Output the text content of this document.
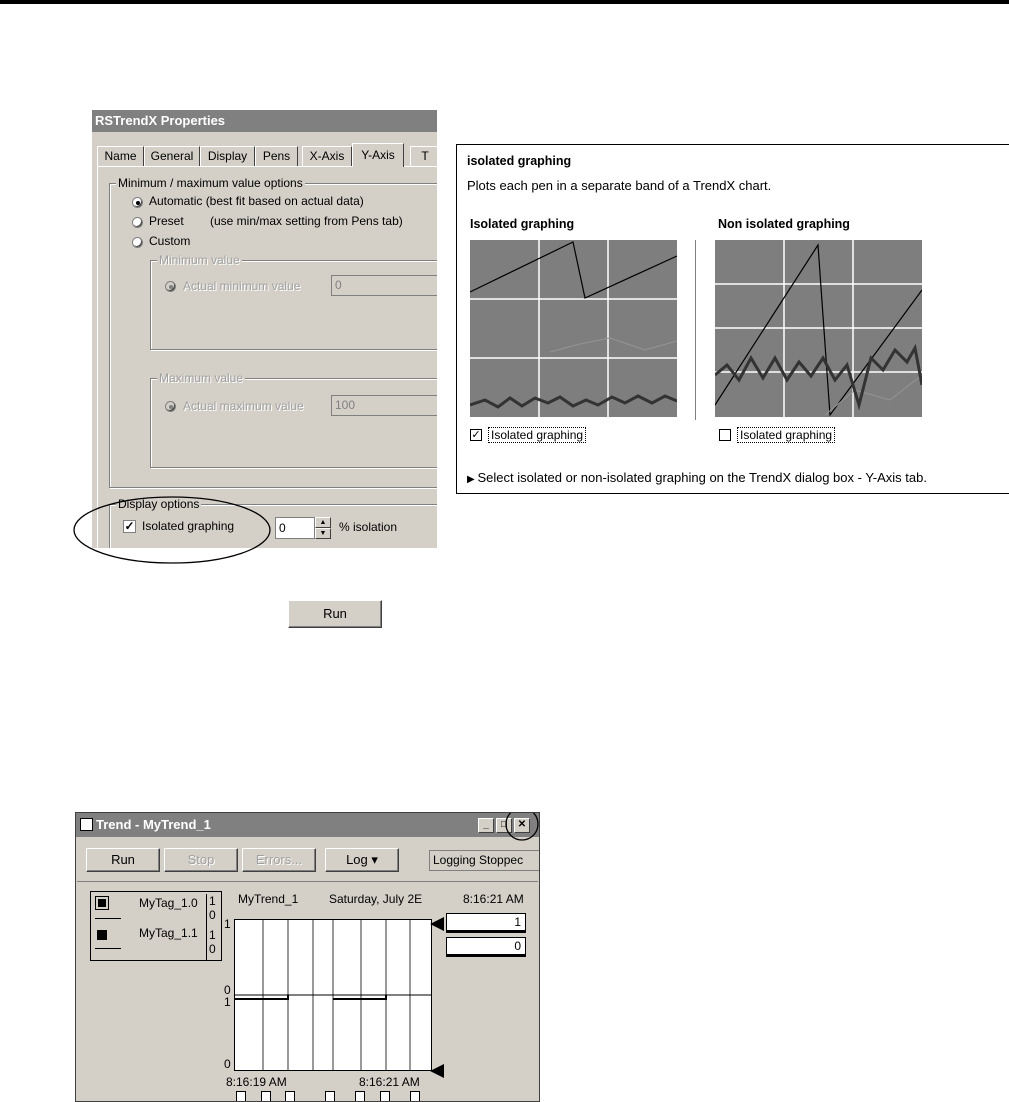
RSTrendX Properties
Name	General	Display	Pens	X-Axis	Y-Axis	T
Minimum / maximum value options
Automatic (best fit based on actual data)
Preset (use min/max setting from Pens tab)
Custom
Minimum value
Actual minimum value	0
Maximum value
Actual maximum value	100
Display options
✓ Isolated graphing	0	▲
▼	% isolation
isolated graphing
Plots each pen in a separate band of a TrendX chart.
Isolated graphing	Non isolated graphing
✓ Isolated graphing	Isolated graphing
▶ Select isolated or non-isolated graphing on the TrendX dialog box - Y-Axis tab.
Run
Trend - MyTrend_1	_	□	✕
Run	Stop	Errors...	Log ▾	Logging Stoppec
MyTag_1.0 1
0
MyTag_1.1 1
0
MyTrend_1	Saturday, July 2E	8:16:21 AM
1
0
1
0
1
0
8:16:19 AM	8:16:21 AM
